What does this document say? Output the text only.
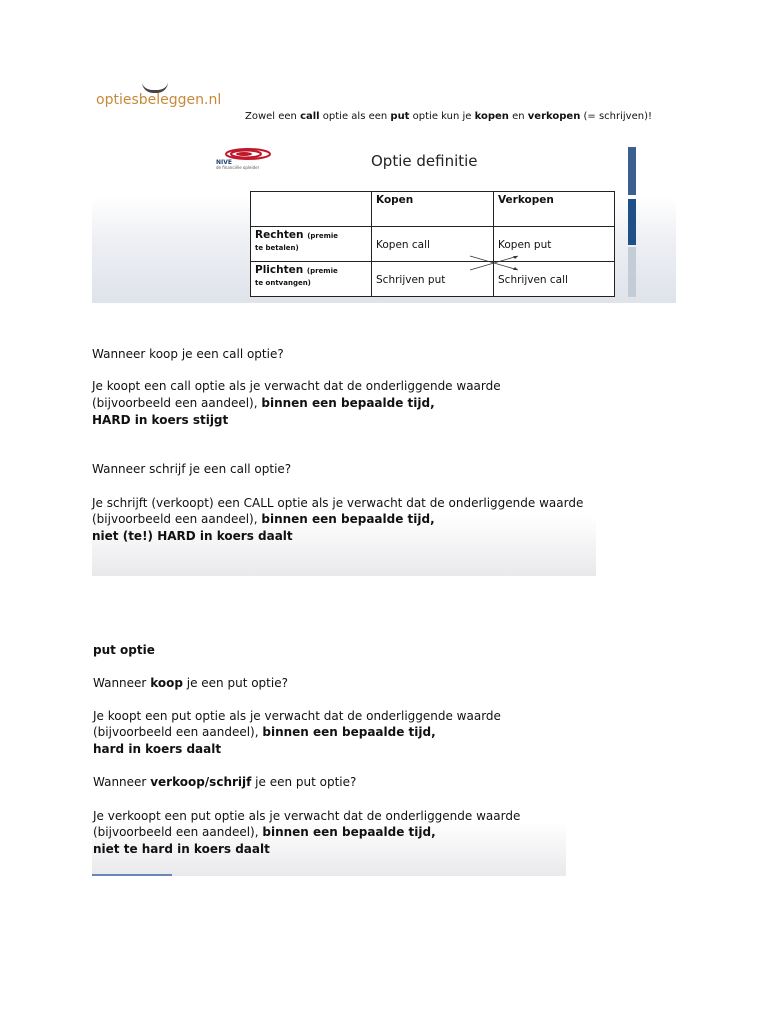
optiesbeleggen.nl
Zowel een call optie als een put optie kun je kopen en verkopen (= schrijven)!
NIVE
de financiële opleider	Optie definitie
	Kopen	Verkopen
Rechten (premie
te betalen)	Kopen call	Kopen put

Plichten (premie
te ontvangen)	Schrijven put	Schrijven call
Wanneer koop je een call optie?
Je koopt een call optie als je verwacht dat de onderliggende waarde
(bijvoorbeeld een aandeel), binnen een bepaalde tijd,
HARD in koers stijgt
Wanneer schrijf je een call optie?
Je schrijft (verkoopt) een CALL optie als je verwacht dat de onderliggende waarde
(bijvoorbeeld een aandeel), binnen een bepaalde tijd,
niet (te!) HARD in koers daalt
put optie
Wanneer koop je een put optie?
Je koopt een put optie als je verwacht dat de onderliggende waarde
(bijvoorbeeld een aandeel), binnen een bepaalde tijd,
hard in koers daalt
Wanneer verkoop/schrijf je een put optie?
Je verkoopt een put optie als je verwacht dat de onderliggende waarde
(bijvoorbeeld een aandeel), binnen een bepaalde tijd,
niet te hard in koers daalt
